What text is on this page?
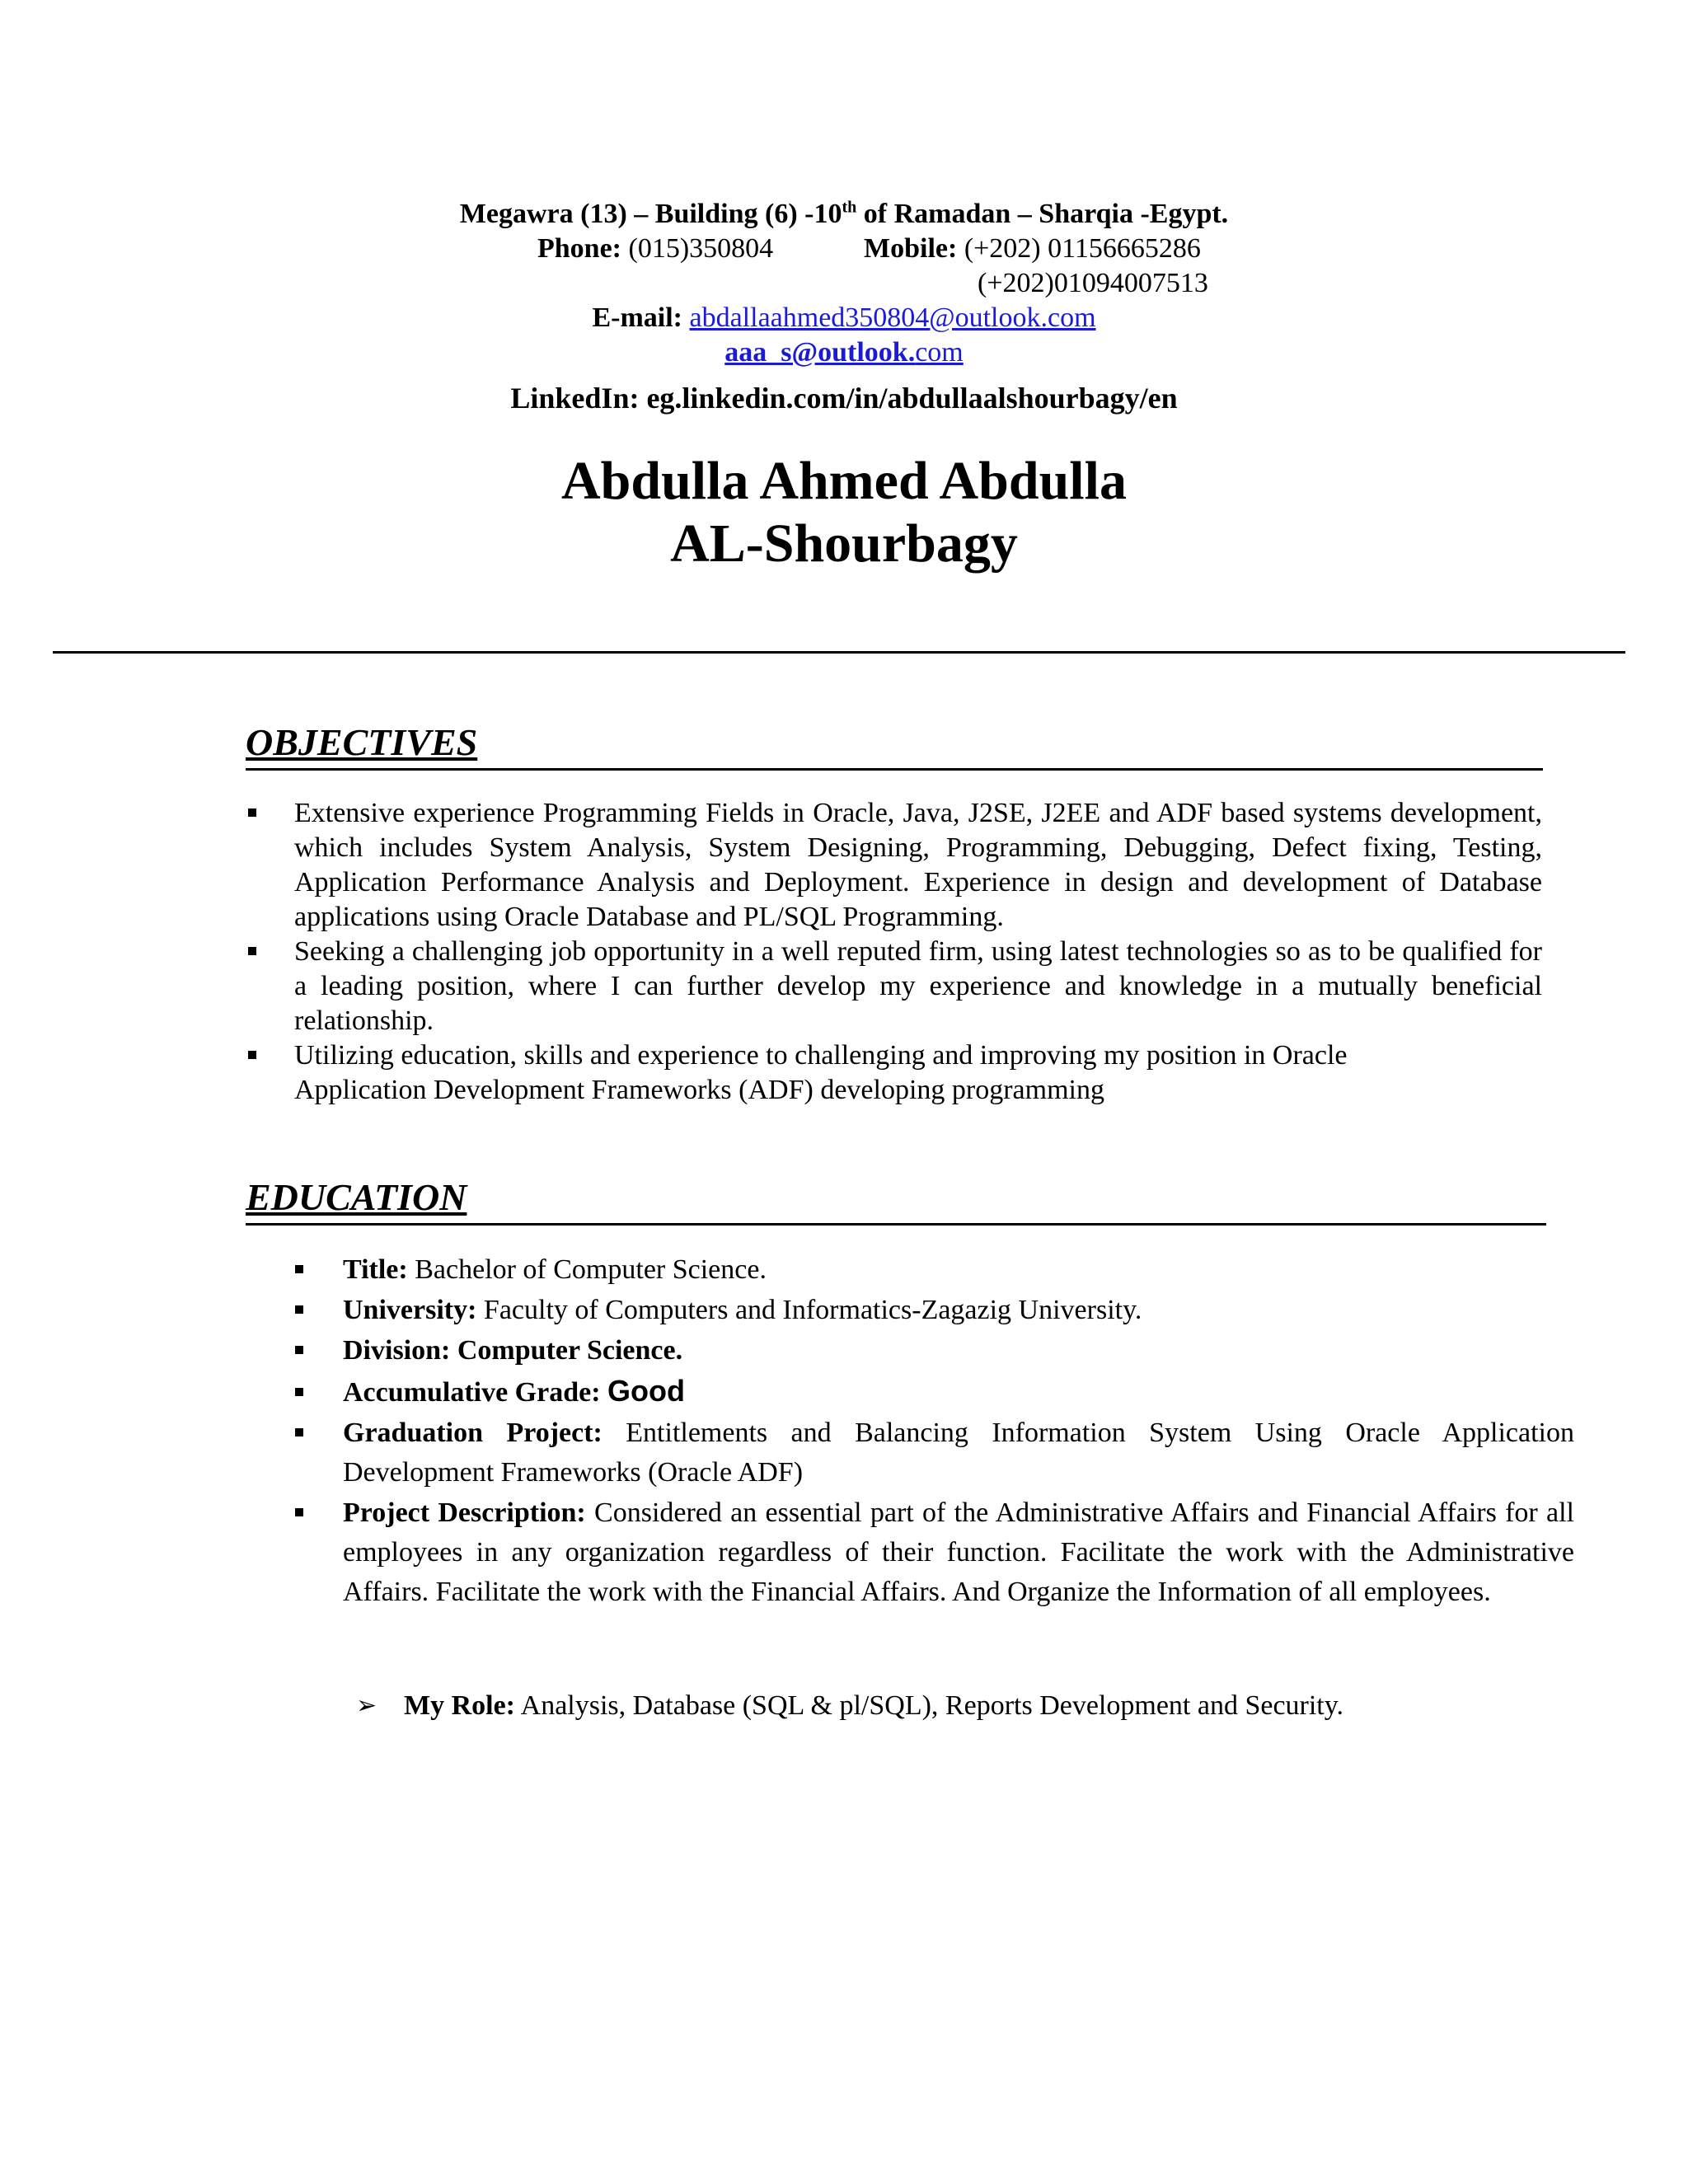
Megawra (13) – Building (6) -10th of Ramadan – Sharqia -Egypt.
Phone: (015)350804	Mobile: (+202) 01156665286
(+202)01094007513
E-mail: abdallaahmed350804@outlook.com
aaa_s@outlook.com
LinkedIn: eg.linkedin.com/in/abdullaalshourbagy/en
Abdulla Ahmed Abdulla
AL-Shourbagy
OBJECTIVES
Extensive experience Programming Fields in Oracle, Java, J2SE, J2EE and ADF based systems development, which includes System Analysis, System Designing, Programming, Debugging, Defect fixing, Testing, Application Performance Analysis and Deployment. Experience in design and development of Database applications using Oracle Database and PL/SQL Programming.
Seeking a challenging job opportunity in a well reputed firm, using latest technologies so as to be qualified for a leading position, where I can further develop my experience and knowledge in a mutually beneficial relationship.
Utilizing education, skills and experience to challenging and improving my position in Oracle
Application Development Frameworks (ADF) developing programming
EDUCATION
Title: Bachelor of Computer Science.
University: Faculty of Computers and Informatics-Zagazig University.
Division: Computer Science.
Accumulative Grade: Good
Graduation Project: Entitlements and Balancing Information System Using Oracle Application Development Frameworks (Oracle ADF)
Project Description: Considered an essential part of the Administrative Affairs and Financial Affairs for all employees in any organization regardless of their function. Facilitate the work with the Administrative Affairs. Facilitate the work with the Financial Affairs. And Organize the Information of all employees.
➢ My Role: Analysis, Database (SQL & pl/SQL), Reports Development and Security.
